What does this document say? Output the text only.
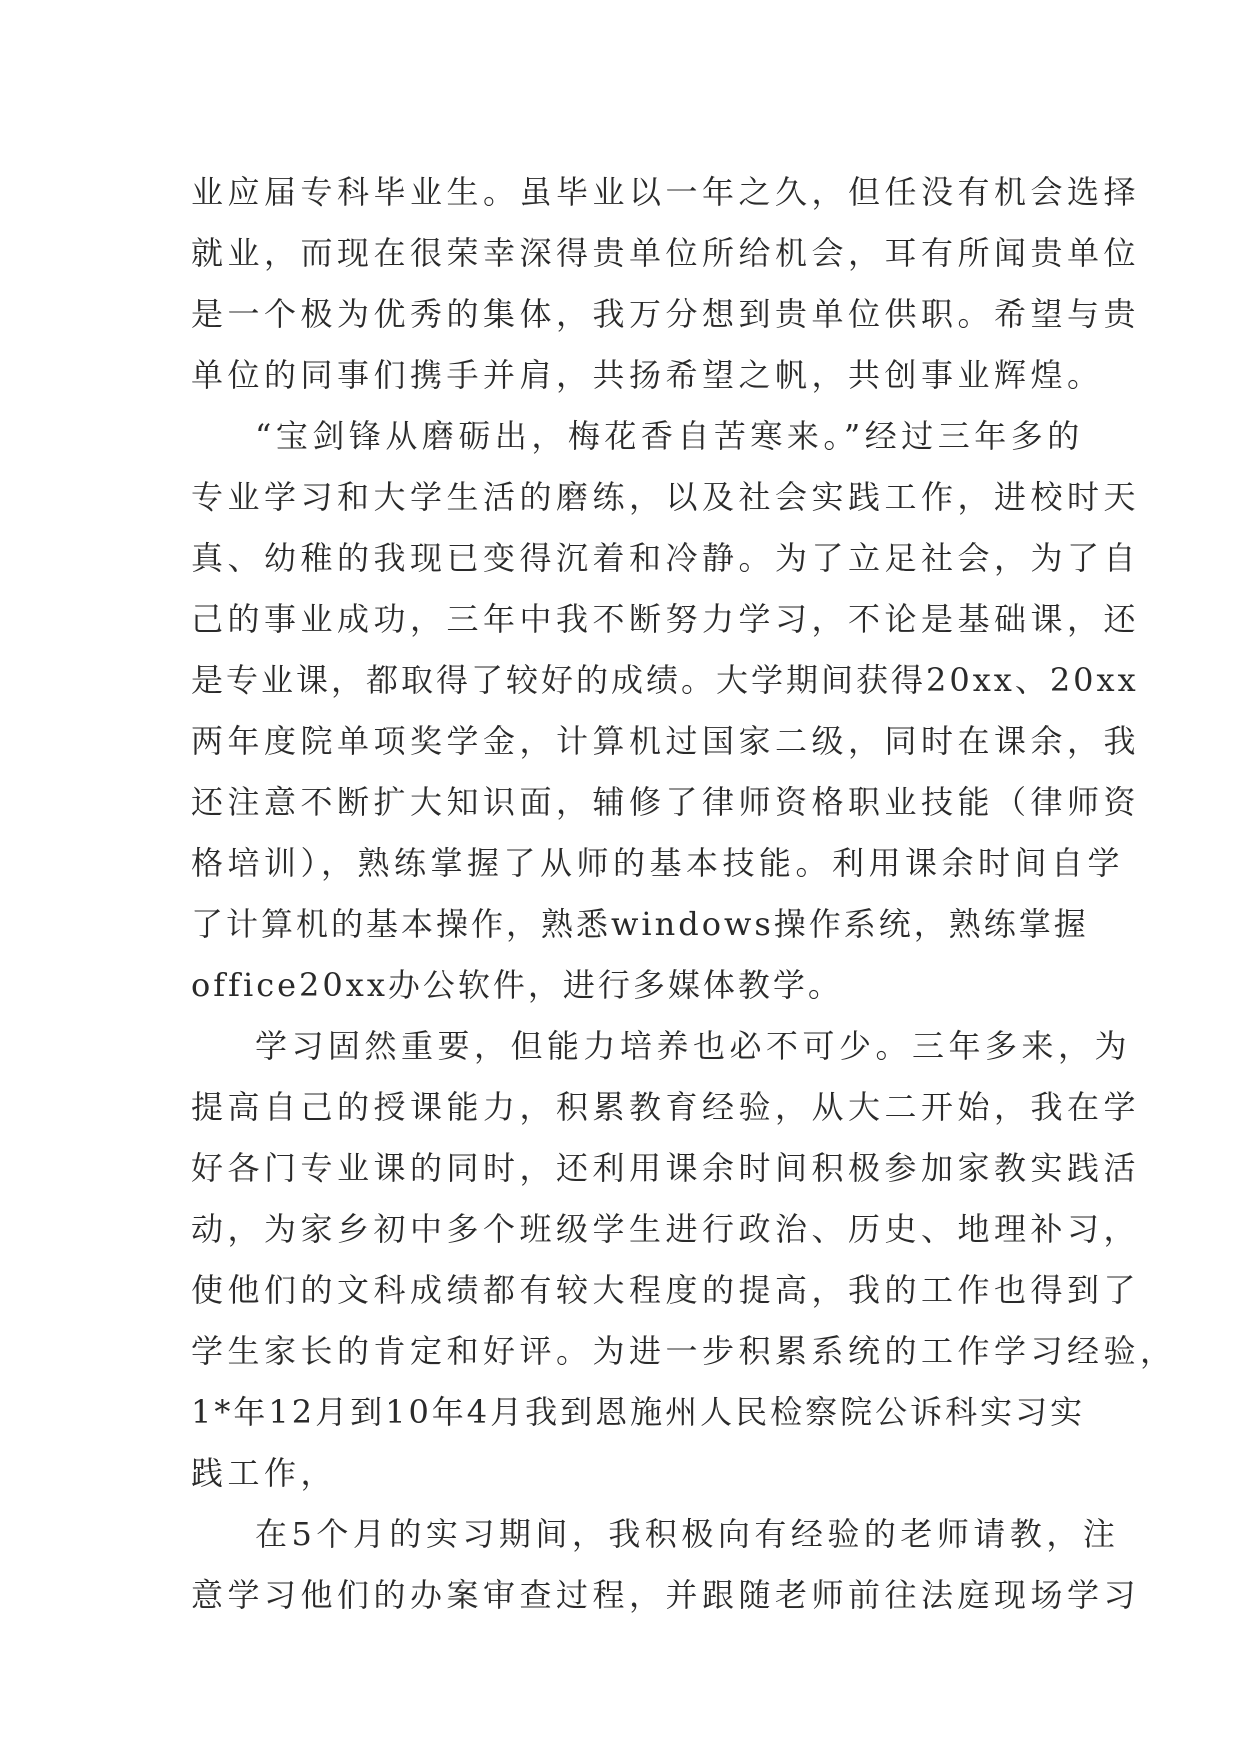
业应届专科毕业生。虽毕业以一年之久，但任没有机会选择
就业，而现在很荣幸深得贵单位所给机会，耳有所闻贵单位
是一个极为优秀的集体，我万分想到贵单位供职。希望与贵
单位的同事们携手并肩，共扬希望之帆，共创事业辉煌。
“宝剑锋从磨砺出，梅花香自苦寒来。”经过三年多的
专业学习和大学生活的磨练，以及社会实践工作，进校时天
真、幼稚的我现已变得沉着和冷静。为了立足社会，为了自
己的事业成功，三年中我不断努力学习，不论是基础课，还
是专业课，都取得了较好的成绩。大学期间获得20xx、20xx
两年度院单项奖学金，计算机过国家二级，同时在课余，我
还注意不断扩大知识面，辅修了律师资格职业技能（律师资
格培训），熟练掌握了从师的基本技能。利用课余时间自学
了计算机的基本操作，熟悉windows操作系统，熟练掌握
office20xx办公软件，进行多媒体教学。
学习固然重要，但能力培养也必不可少。三年多来，为
提高自己的授课能力，积累教育经验，从大二开始，我在学
好各门专业课的同时，还利用课余时间积极参加家教实践活
动，为家乡初中多个班级学生进行政治、历史、地理补习，
使他们的文科成绩都有较大程度的提高，我的工作也得到了
学生家长的肯定和好评。为进一步积累系统的工作学习经验，
1*年12月到10年4月我到恩施州人民检察院公诉科实习实
践工作，
在5个月的实习期间，我积极向有经验的老师请教，注
意学习他们的办案审查过程，并跟随老师前往法庭现场学习
